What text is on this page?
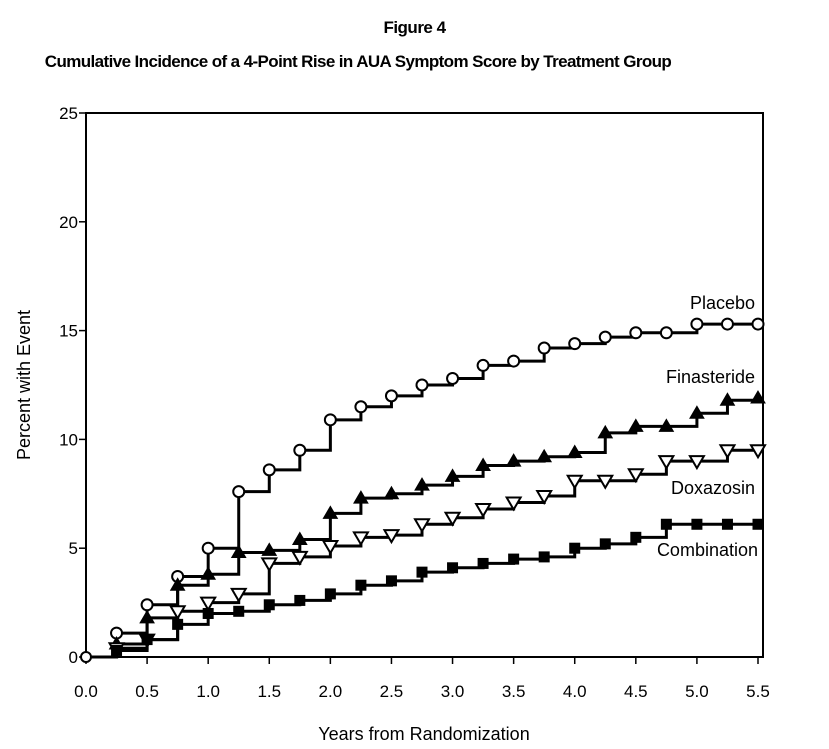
Figure 4
Cumulative Incidence of a 4-Point Rise in AUA Symptom Score by Treatment Group
0.0 0.5 1.0 1.5 2.0 2.5 3.0 3.5 4.0 4.5 5.0 5.5
0
5
10
15
20
25
Placebo
Finasteride
Doxazosin
Combination
Years from Randomization
Percent with Event
